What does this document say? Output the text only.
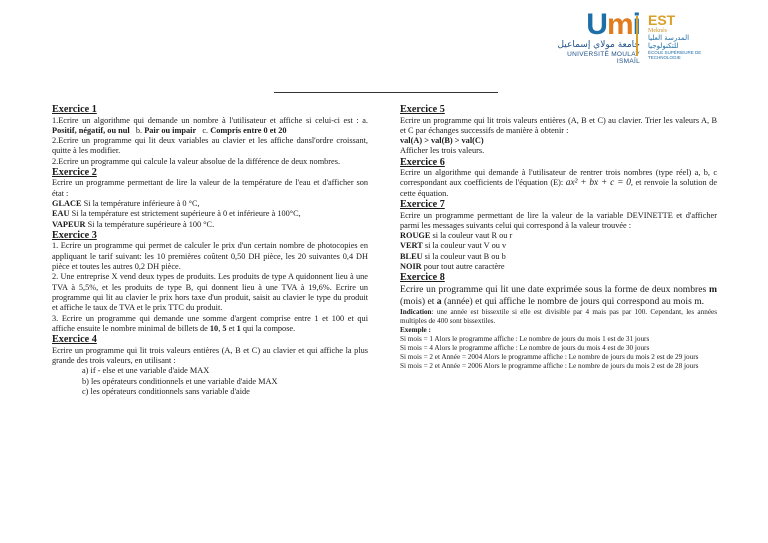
Umi
جامعة مولاي إسماعيل
UNIVERSITÉ MOULAY ISMAÏL
EST
Meknès
المدرسة العليا للتكنولوجيا
ÉCOLE SUPÉRIEURE DE TECHNOLOGIE
Exercice 1

1.Ecrire un algorithme qui demande un nombre à l'utilisateur et affiche si celui-ci est : a. Positif, négatif, ou nul   b. Pair ou impair   c. Compris entre 0 et 20

2.Ecrire un programme qui lit deux variables au clavier et les affiche dansl'ordre croissant, quitte à les modifier.

2.Ecrire un programme qui calcule la valeur absolue de la différence de deux nombres.

Exercice 2

Ecrire un programme permettant de lire la valeur de la température de l'eau et d'afficher son état :

GLACE Si la température inférieure à 0 °C,

EAU Si la température est strictement supérieure à 0 et inférieure à 100°C,

VAPEUR Si la température supérieure à 100 °C.

Exercice 3

1. Ecrire un programme qui permet de calculer le prix d'un certain nombre de photocopies en appliquant le tarif suivant: les 10 premières coûtent 0,50 DH pièce, les 20 suivantes 0,4 DH pièce et toutes les autres 0,2 DH pièce.

2. Une entreprise X vend deux types de produits. Les produits de type A quidonnent lieu à une TVA à 5,5%, et les produits de type B, qui donnent lieu à une TVA à 19,6%. Ecrire un programme qui lit au clavier le prix hors taxe d'un produit, saisit au clavier le type du produit et affiche le taux de TVA et le prix TTC du produit.

3. Ecrire un programme qui demande une somme d'argent comprise entre 1 et 100 et qui affiche ensuite le nombre minimal de billets de 10, 5 et 1 qui la compose.

Exercice 4

Ecrire un programme qui lit trois valeurs entières (A, B et C) au clavier et qui affiche la plus grande des trois valeurs, en utilisant :

a) if - else et une variable d'aide MAX
b) les opérateurs conditionnels et une variable d'aide MAX
c) les opérateurs conditionnels sans variable d'aide
Exercice 5

Ecrire un programme qui lit trois valeurs entières (A, B et C) au clavier. Trier les valeurs A, B et C par échanges successifs de manière à obtenir :

val(A) > val(B) > val(C)

Afficher les trois valeurs.

Exercice 6

Ecrire un algorithme qui demande à l'utilisateur de rentrer trois nombres (type réel) a, b, c correspondant aux coefficients de l'équation (E): ax² + bx + c = 0, et renvoie la solution de cette équation.

Exercice 7

Ecrire un programme permettant de lire la valeur de la variable DEVINETTE et d'afficher parmi les messages suivants celui qui correspond à la valeur trouvée :

ROUGE si la couleur vaut R ou r

VERT si la couleur vaut V ou v

BLEU si la couleur vaut B ou b

NOIR pour tout autre caractère

Exercice 8

Ecrire un programme qui lit une date exprimée sous la forme de deux nombres m (mois) et a (année) et qui affiche le nombre de jours qui correspond au mois m.

Indication: une année est bissextile si elle est divisible par 4 mais pas par 100. Cependant, les années multiples de 400 sont bissextiles.

Exemple :

Si mois = 1 Alors le programme affiche : Le nombre de jours du mois 1 est de 31 jours

Si mois = 4 Alors le programme affiche : Le nombre de jours du mois 4 est de 30 jours

Si mois = 2 et Année = 2004 Alors le programme affiche : Le nombre de jours du mois 2 est de 29 jours

Si mois = 2 et Année = 2006 Alors le programme affiche : Le nombre de jours du mois 2 est de 28 jours
